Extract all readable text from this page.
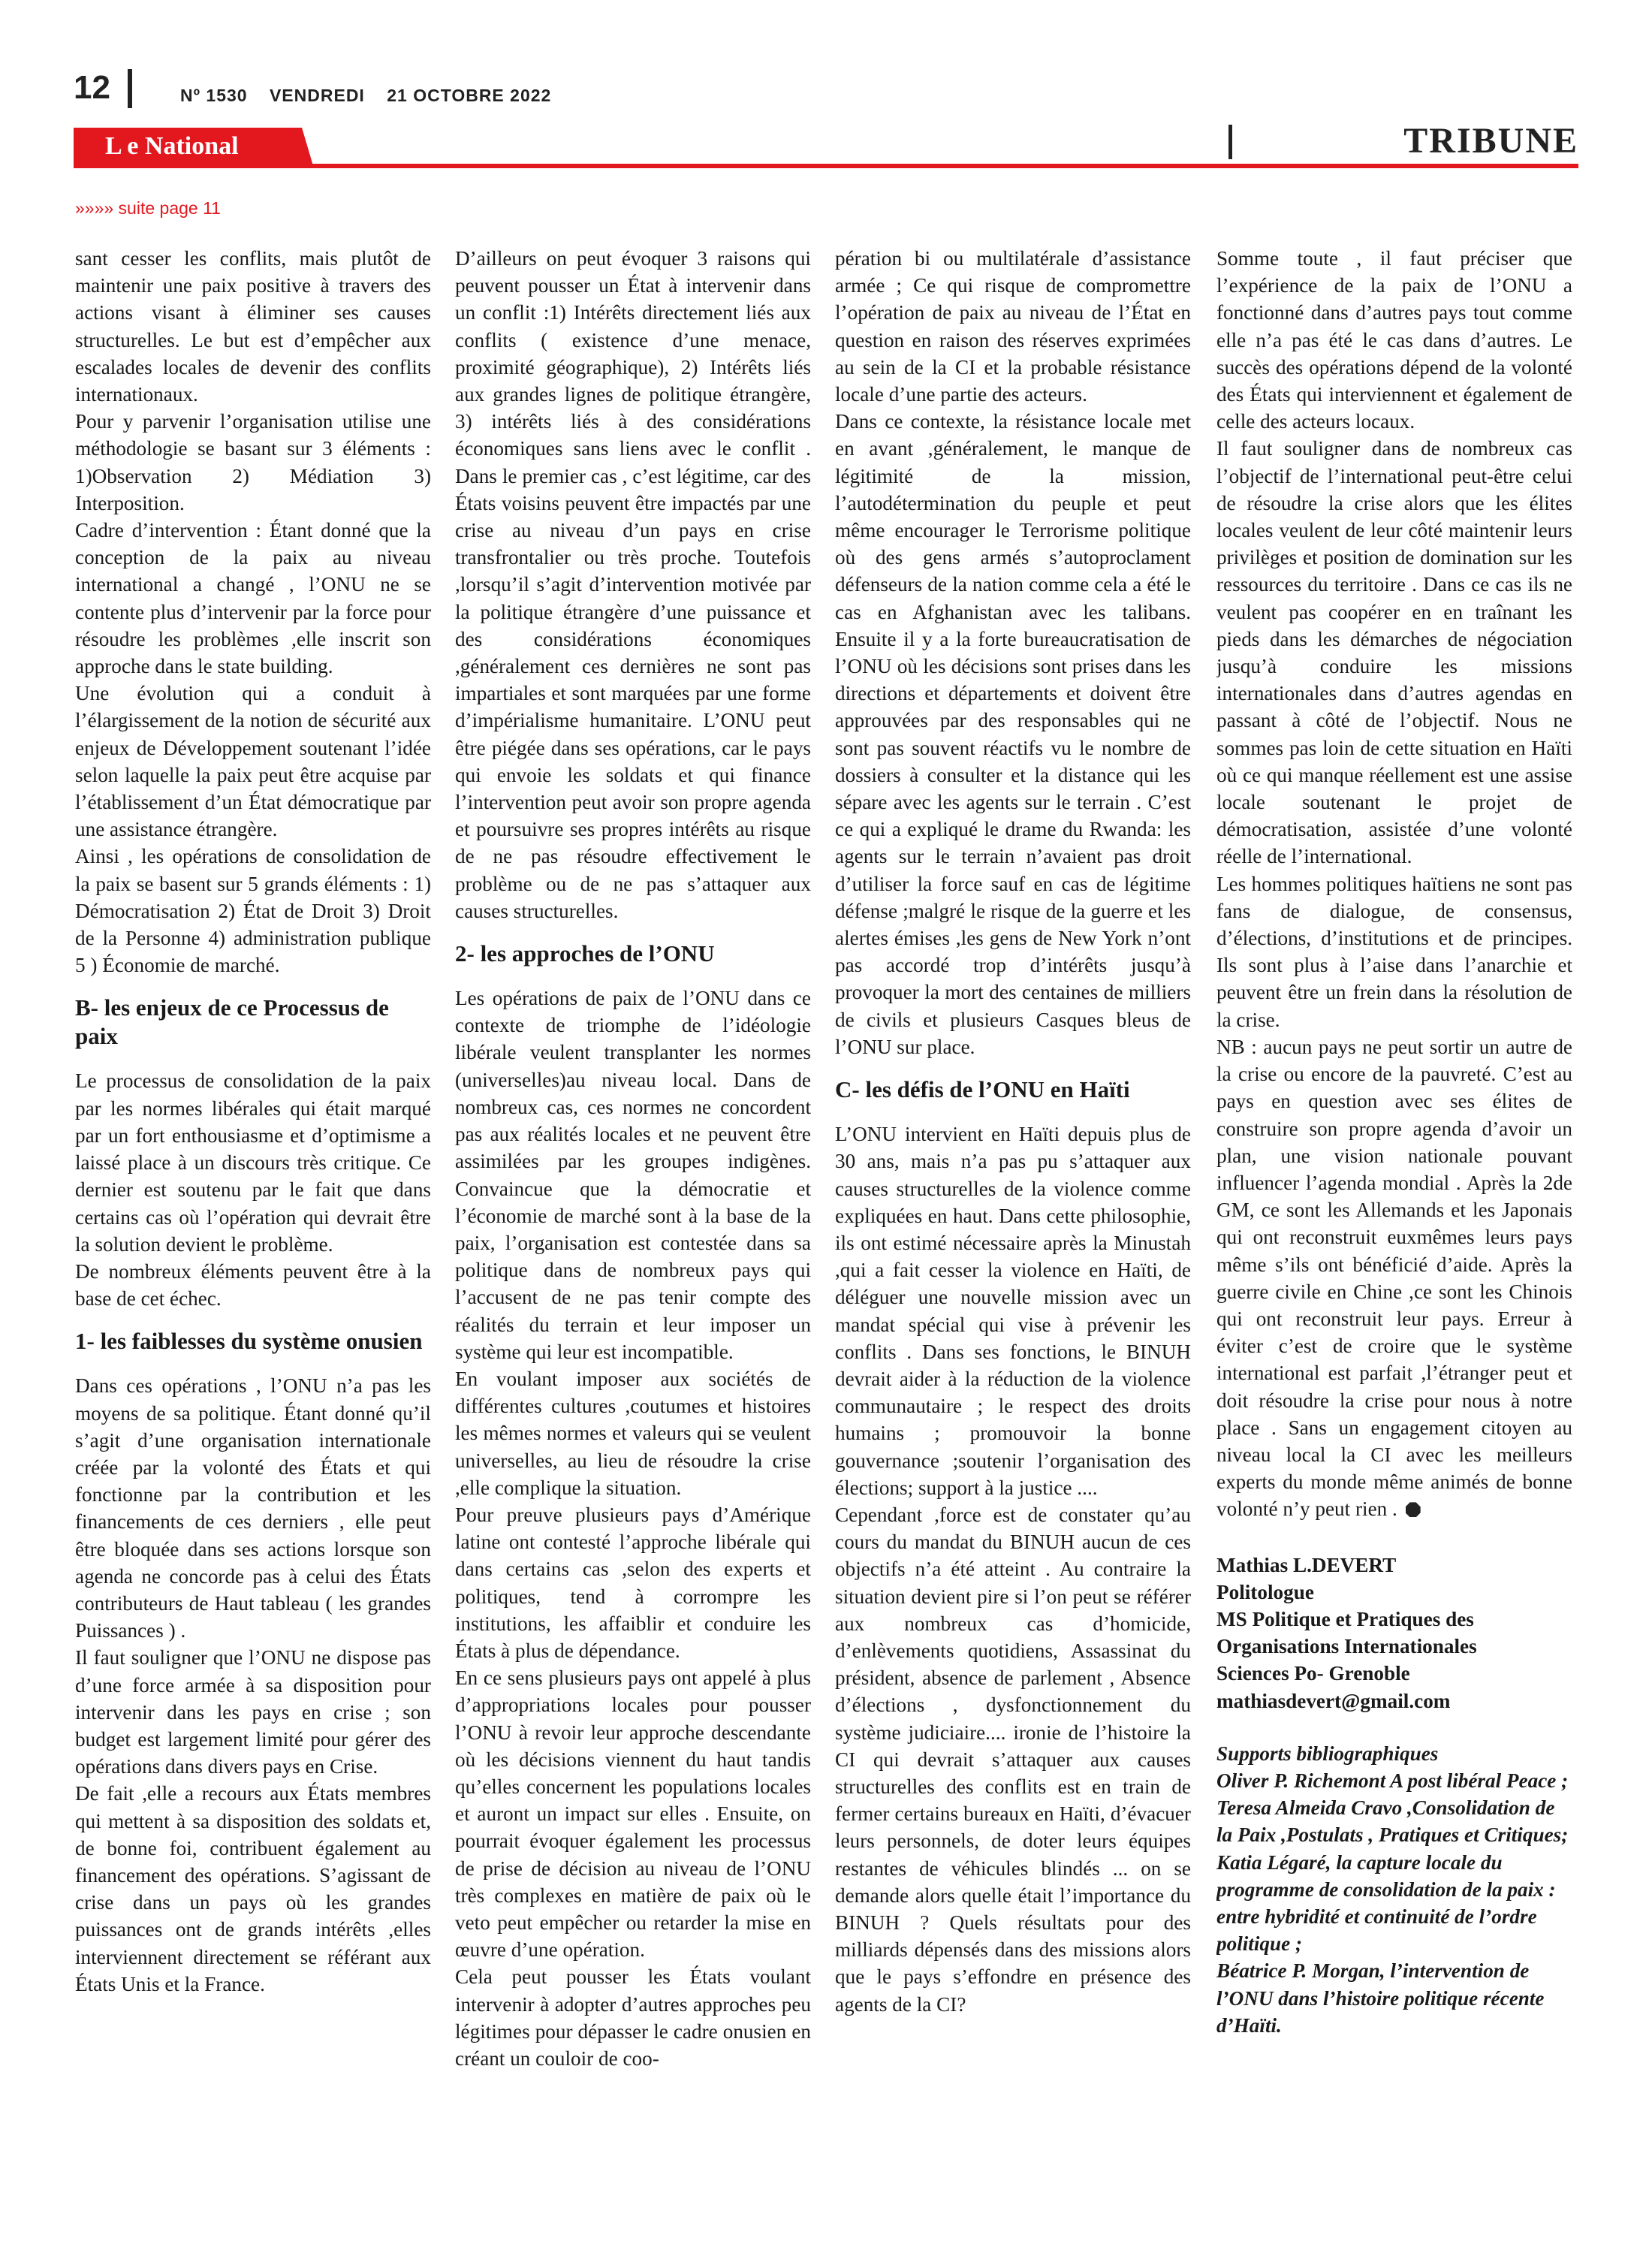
12	Nº 1530 VENDREDI 21 OCTOBRE 2022
L e National	TRIBUNE
»»»» suite page 11

sant cesser les conflits, mais plutôt de maintenir une paix positive à travers des actions visant à éliminer ses causes structurelles. Le but est d’empêcher aux escalades locales de devenir des conflits internationaux.

Pour y parvenir l’organisation utilise une méthodologie se basant sur 3 éléments : 1)Observation 2) Médiation 3) Interposition.

Cadre d’intervention : Étant donné que la conception de la paix au niveau international a changé , l’ONU ne se contente plus d’intervenir par la force pour résoudre les problèmes ,elle inscrit son approche dans le state building.

Une évolution qui a conduit à l’élargissement de la notion de sécurité aux enjeux de Développement soutenant l’idée selon laquelle la paix peut être acquise par l’établissement d’un État démocratique par une assistance étrangère.

Ainsi , les opérations de consolidation de la paix se basent sur 5 grands éléments : 1) Démocratisation 2) État de Droit 3) Droit de la Personne 4) administration publique 5 ) Économie de marché.

B- les enjeux de ce Processus de paix

Le processus de consolidation de la paix par les normes libérales qui était marqué par un fort enthousiasme et d’optimisme a laissé place à un discours très critique. Ce dernier est soutenu par le fait que dans certains cas où l’opération qui devrait être la solution devient le problème.

De nombreux éléments peuvent être à la base de cet échec.

1- les faiblesses du système onusien

Dans ces opérations , l’ONU n’a pas les moyens de sa politique. Étant donné qu’il s’agit d’une organisation internationale créée par la volonté des États et qui fonctionne par la contribution et les financements de ces derniers , elle peut être bloquée dans ses actions lorsque son agenda ne concorde pas à celui des États contributeurs de Haut tableau ( les grandes Puissances ) .

Il faut souligner que l’ONU ne dispose pas d’une force armée à sa disposition pour intervenir dans les pays en crise ; son budget est largement limité pour gérer des opérations dans divers pays en Crise.

De fait ,elle a recours aux États membres qui mettent à sa disposition des soldats et, de bonne foi, contribuent également au financement des opérations. S’agissant de crise dans un pays où les grandes puissances ont de grands intérêts ,elles interviennent directement se référant aux États Unis et la France.

D’ailleurs on peut évoquer 3 raisons qui peuvent pousser un État à intervenir dans un conflit :1) Intérêts directement liés aux conflits ( existence d’une menace, proximité géographique), 2) Intérêts liés aux grandes lignes de politique étrangère, 3) intérêts liés à des considérations économiques sans liens avec le conflit . Dans le premier cas , c’est légitime, car des États voisins peuvent être impactés par une crise au niveau d’un pays en crise transfrontalier ou très proche. Toutefois ,lorsqu’il s’agit d’intervention motivée par la politique étrangère d’une puissance et des considérations économiques ,généralement ces dernières ne sont pas impartiales et sont marquées par une forme d’impérialisme humanitaire. L’ONU peut être piégée dans ses opérations, car le pays qui envoie les soldats et qui finance l’intervention peut avoir son propre agenda et poursuivre ses propres intérêts au risque de ne pas résoudre effectivement le problème ou de ne pas s’attaquer aux causes structurelles.

2- les approches de l’ONU

Les opérations de paix de l’ONU dans ce contexte de triomphe de l’idéologie libérale veulent transplanter les normes (universelles)au niveau local. Dans de nombreux cas, ces normes ne concordent pas aux réalités locales et ne peuvent être assimilées par les groupes indigènes. Convaincue que la démocratie et l’économie de marché sont à la base de la paix, l’organisation est contestée dans sa politique dans de nombreux pays qui l’accusent de ne pas tenir compte des réalités du terrain et leur imposer un système qui leur est incompatible.

En voulant imposer aux sociétés de différentes cultures ,coutumes et histoires les mêmes normes et valeurs qui se veulent universelles, au lieu de résoudre la crise ,elle complique la situation.

Pour preuve plusieurs pays d’Amérique latine ont contesté l’approche libérale qui dans certains cas ,selon des experts et politiques, tend à corrompre les institutions, les affaiblir et conduire les États à plus de dépendance.

En ce sens plusieurs pays ont appelé à plus d’appropriations locales pour pousser l’ONU à revoir leur approche descendante où les décisions viennent du haut tandis qu’elles concernent les populations locales et auront un impact sur elles . Ensuite, on pourrait évoquer également les processus de prise de décision au niveau de l’ONU très complexes en matière de paix où le veto peut empêcher ou retarder la mise en œuvre d’une opération.

Cela peut pousser les États voulant intervenir à adopter d’autres approches peu légitimes pour dépasser le cadre onusien en créant un couloir de coo-

pération bi ou multilatérale d’assistance armée ; Ce qui risque de compromettre l’opération de paix au niveau de l’État en question en raison des réserves exprimées au sein de la CI et la probable résistance locale d’une partie des acteurs.

Dans ce contexte, la résistance locale met en avant ,généralement, le manque de légitimité de la mission, l’autodétermination du peuple et peut même encourager le Terrorisme politique où des gens armés s’autoproclament défenseurs de la nation comme cela a été le cas en Afghanistan avec les talibans. Ensuite il y a la forte bureaucratisation de l’ONU où les décisions sont prises dans les directions et départements et doivent être approuvées par des responsables qui ne sont pas souvent réactifs vu le nombre de dossiers à consulter et la distance qui les sépare avec les agents sur le terrain . C’est ce qui a expliqué le drame du Rwanda: les agents sur le terrain n’avaient pas droit d’utiliser la force sauf en cas de légitime défense ;malgré le risque de la guerre et les alertes émises ,les gens de New York n’ont pas accordé trop d’intérêts jusqu’à provoquer la mort des centaines de milliers de civils et plusieurs Casques bleus de l’ONU sur place.

C- les défis de l’ONU en Haïti

L’ONU intervient en Haïti depuis plus de 30 ans, mais n’a pas pu s’attaquer aux causes structurelles de la violence comme expliquées en haut. Dans cette philosophie, ils ont estimé nécessaire après la Minustah ,qui a fait cesser la violence en Haïti, de déléguer une nouvelle mission avec un mandat spécial qui vise à prévenir les conflits . Dans ses fonctions, le BINUH devrait aider à la réduction de la violence communautaire ; le respect des droits humains ; promouvoir la bonne gouvernance ;soutenir l’organisation des élections; support à la justice ....

Cependant ,force est de constater qu’au cours du mandat du BINUH aucun de ces objectifs n’a été atteint . Au contraire la situation devient pire si l’on peut se référer aux nombreux cas d’homicide, d’enlèvements quotidiens, Assassinat du président, absence de parlement , Absence d’élections , dysfonctionnement du système judiciaire.... ironie de l’histoire la CI qui devrait s’attaquer aux causes structurelles des conflits est en train de fermer certains bureaux en Haïti, d’évacuer leurs personnels, de doter leurs équipes restantes de véhicules blindés ... on se demande alors quelle était l’importance du BINUH ? Quels résultats pour des milliards dépensés dans des missions alors que le pays s’effondre en présence des agents de la CI?

Somme toute , il faut préciser que l’expérience de la paix de l’ONU a fonctionné dans d’autres pays tout comme elle n’a pas été le cas dans d’autres. Le succès des opérations dépend de la volonté des États qui interviennent et également de celle des acteurs locaux.

Il faut souligner dans de nombreux cas l’objectif de l’international peut-être celui de résoudre la crise alors que les élites locales veulent de leur côté maintenir leurs privilèges et position de domination sur les ressources du territoire . Dans ce cas ils ne veulent pas coopérer en en traînant les pieds dans les démarches de négociation jusqu’à conduire les missions internationales dans d’autres agendas en passant à côté de l’objectif. Nous ne sommes pas loin de cette situation en Haïti où ce qui manque réellement est une assise locale soutenant le projet de démocratisation, assistée d’une volonté réelle de l’international.

Les hommes politiques haïtiens ne sont pas fans de dialogue, de consensus, d’élections, d’institutions et de principes. Ils sont plus à l’aise dans l’anarchie et peuvent être un frein dans la résolution de la crise.

NB : aucun pays ne peut sortir un autre de la crise ou encore de la pauvreté. C’est au pays en question avec ses élites de construire son propre agenda d’avoir un plan, une vision nationale pouvant influencer l’agenda mondial . Après la 2de GM, ce sont les Allemands et les Japonais qui ont reconstruit euxmêmes leurs pays même s’ils ont bénéficié d’aide. Après la guerre civile en Chine ,ce sont les Chinois qui ont reconstruit leur pays. Erreur à éviter c’est de croire que le système international est parfait ,l’étranger peut et doit résoudre la crise pour nous à notre place . Sans un engagement citoyen au niveau local la CI avec les meilleurs experts du monde même animés de bonne volonté n’y peut rien .

Mathias L.DEVERT

Politologue

MS Politique et Pratiques des Organisations Internationales

Sciences Po- Grenoble

mathiasdevert@gmail.com

Supports bibliographiques

Oliver P. Richemont A post libéral Peace ;

Teresa Almeida Cravo ,Consolidation de la Paix ,Postulats , Pratiques et Critiques;

Katia Légaré, la capture locale du programme de consolidation de la paix : entre hybridité et continuité de l’ordre politique ;

Béatrice P. Morgan, l’intervention de l’ONU dans l’histoire politique récente d’Haïti.
